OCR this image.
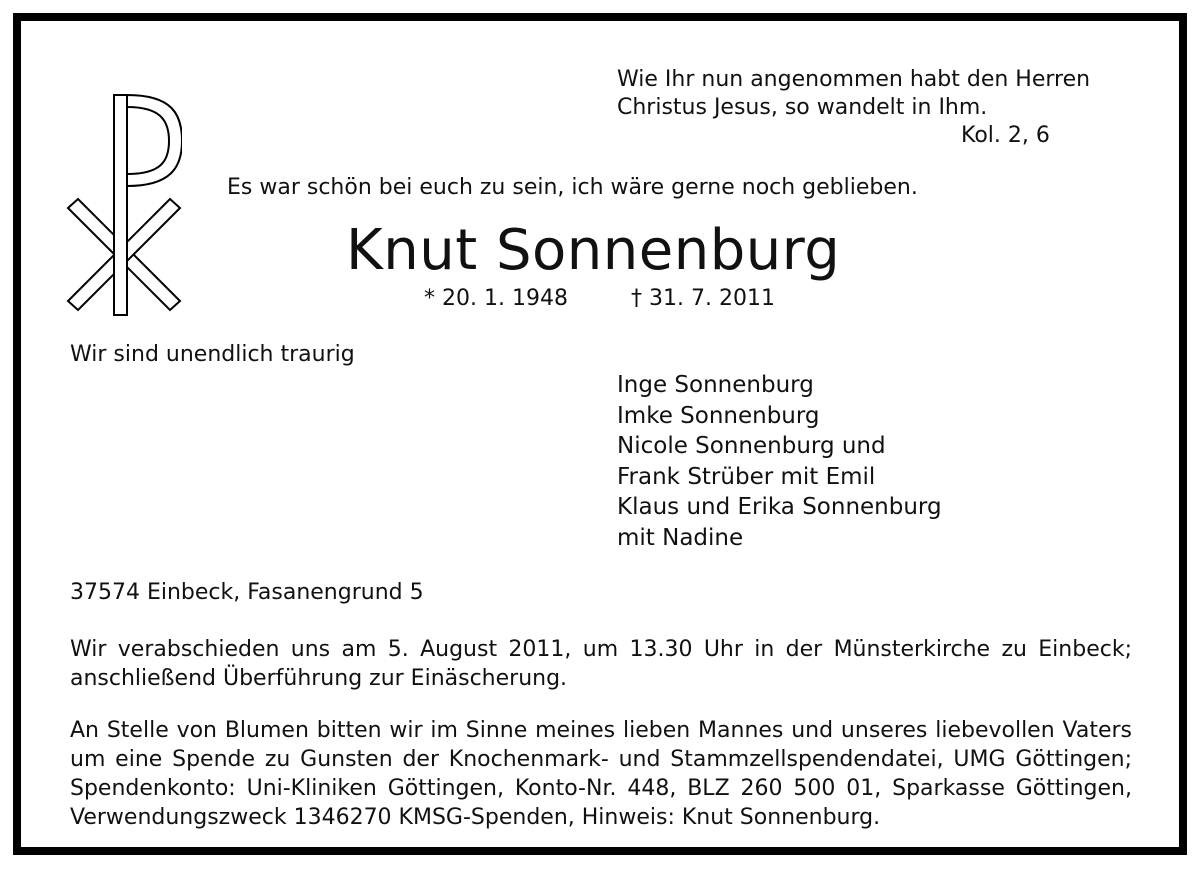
Wie Ihr nun angenommen habt den Herren
Christus Jesus, so wandelt in Ihm.
Kol. 2, 6
Es war schön bei euch zu sein, ich wäre gerne noch geblieben.
Knut Sonnenburg
* 20. 1. 1948	† 31. 7. 2011
Wir sind unendlich traurig
Inge Sonnenburg
Imke Sonnenburg
Nicole Sonnenburg und
Frank Strüber mit Emil
Klaus und Erika Sonnenburg
mit Nadine
37574 Einbeck, Fasanengrund 5
Wir verabschieden uns am 5. August 2011, um 13.30 Uhr in der Münsterkirche zu Einbeck; anschließend Überführung zur Einäscherung.
An Stelle von Blumen bitten wir im Sinne meines lieben Mannes und unseres liebevollen Vaters um eine Spende zu Gunsten der Knochenmark- und Stammzellspendendatei, UMG Göttingen; Spendenkonto: Uni-Kliniken Göttingen, Konto-Nr. 448, BLZ 260 500 01, Sparkasse Göttingen, Verwendungszweck 1346270 KMSG-Spenden, Hinweis: Knut Sonnenburg.
